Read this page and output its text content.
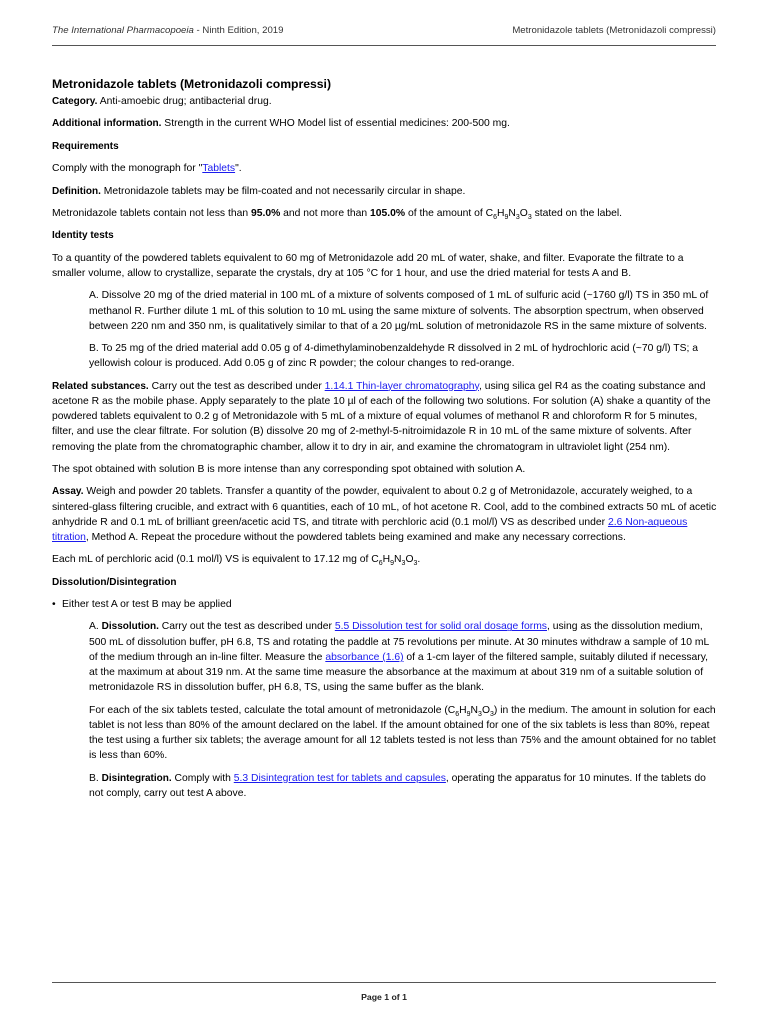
The International Pharmacopoeia - Ninth Edition, 2019	Metronidazole tablets (Metronidazoli compressi)

Metronidazole tablets (Metronidazoli compressi)

Category. Anti-amoebic drug; antibacterial drug.

Additional information. Strength in the current WHO Model list of essential medicines: 200-500 mg.

Requirements

Comply with the monograph for "Tablets".

Definition. Metronidazole tablets may be film-coated and not necessarily circular in shape.

Metronidazole tablets contain not less than 95.0% and not more than 105.0% of the amount of $C_6H_9N_3O_3$ stated on the label.

Identity tests

To a quantity of the powdered tablets equivalent to 60 mg of Metronidazole add 20 mL of water, shake, and filter. Evaporate the filtrate to a smaller volume, allow to crystallize, separate the crystals, dry at 105 °C for 1 hour, and use the dried material for tests A and B.

A. Dissolve 20 mg of the dried material in 100 mL of a mixture of solvents composed of 1 mL of sulfuric acid (~1760 g/l) TS in 350 mL of methanol R. Further dilute 1 mL of this solution to 10 mL using the same mixture of solvents. The absorption spectrum, when observed between 220 nm and 350 nm, is qualitatively similar to that of a 20 µg/mL solution of metronidazole RS in the same mixture of solvents.

B. To 25 mg of the dried material add 0.05 g of 4-dimethylaminobenzaldehyde R dissolved in 2 mL of hydrochloric acid (~70 g/l) TS; a yellowish colour is produced. Add 0.05 g of zinc R powder; the colour changes to red-orange.

Related substances. Carry out the test as described under 1.14.1 Thin-layer chromatography, using silica gel R4 as the coating substance and acetone R as the mobile phase. Apply separately to the plate 10 µl of each of the following two solutions. For solution (A) shake a quantity of the powdered tablets equivalent to 0.2 g of Metronidazole with 5 mL of a mixture of equal volumes of methanol R and chloroform R for 5 minutes, filter, and use the clear filtrate. For solution (B) dissolve 20 mg of 2-methyl-5-nitroimidazole R in 10 mL of the same mixture of solvents. After removing the plate from the chromatographic chamber, allow it to dry in air, and examine the chromatogram in ultraviolet light (254 nm).

The spot obtained with solution B is more intense than any corresponding spot obtained with solution A.

Assay. Weigh and powder 20 tablets. Transfer a quantity of the powder, equivalent to about 0.2 g of Metronidazole, accurately weighed, to a sintered-glass filtering crucible, and extract with 6 quantities, each of 10 mL, of hot acetone R. Cool, add to the combined extracts 50 mL of acetic anhydride R and 0.1 mL of brilliant green/acetic acid TS, and titrate with perchloric acid (0.1 mol/l) VS as described under 2.6 Non-aqueous titration, Method A. Repeat the procedure without the powdered tablets being examined and make any necessary corrections.

Each mL of perchloric acid (0.1 mol/l) VS is equivalent to 17.12 mg of $C_6H_9N_3O_3$.

Dissolution/Disintegration

• Either test A or test B may be applied

A. Dissolution. Carry out the test as described under 5.5 Dissolution test for solid oral dosage forms, using as the dissolution medium, 500 mL of dissolution buffer, pH 6.8, TS and rotating the paddle at 75 revolutions per minute. At 30 minutes withdraw a sample of 10 mL of the medium through an in-line filter. Measure the absorbance (1.6) of a 1-cm layer of the filtered sample, suitably diluted if necessary, at the maximum at about 319 nm. At the same time measure the absorbance at the maximum at about 319 nm of a suitable solution of metronidazole RS in dissolution buffer, pH 6.8, TS, using the same buffer as the blank.

For each of the six tablets tested, calculate the total amount of metronidazole $(C_6H_9N_3O_3)$ in the medium. The amount in solution for each tablet is not less than 80% of the amount declared on the label. If the amount obtained for one of the six tablets is less than 80%, repeat the test using a further six tablets; the average amount for all 12 tablets tested is not less than 75% and the amount obtained for no tablet is less than 60%.

B. Disintegration. Comply with 5.3 Disintegration test for tablets and capsules, operating the apparatus for 10 minutes. If the tablets do not comply, carry out test A above.

Page 1 of 1
